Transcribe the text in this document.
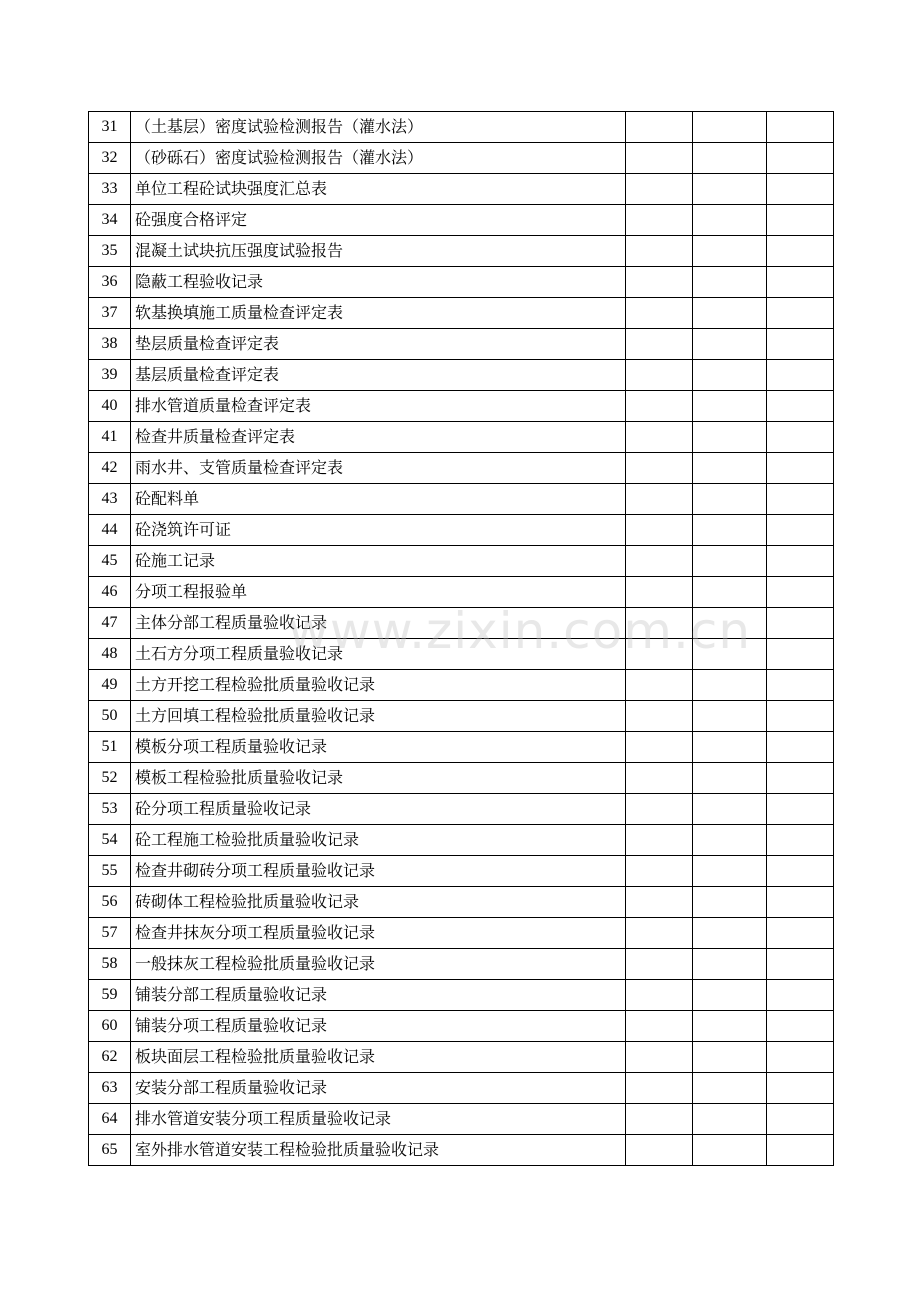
31	（土基层）密度试验检测报告（灌水法）			
32	（砂砾石）密度试验检测报告（灌水法）			
33	单位工程砼试块强度汇总表			
34	砼强度合格评定			
35	混凝土试块抗压强度试验报告			
36	隐蔽工程验收记录			
37	软基换填施工质量检查评定表			
38	垫层质量检查评定表			
39	基层质量检查评定表			
40	排水管道质量检查评定表			
41	检查井质量检查评定表			
42	雨水井、支管质量检查评定表			
43	砼配料单			
44	砼浇筑许可证			
45	砼施工记录			
46	分项工程报验单			
47	主体分部工程质量验收记录			
48	土石方分项工程质量验收记录			
49	土方开挖工程检验批质量验收记录			
50	土方回填工程检验批质量验收记录			
51	模板分项工程质量验收记录			
52	模板工程检验批质量验收记录			
53	砼分项工程质量验收记录			
54	砼工程施工检验批质量验收记录			
55	检查井砌砖分项工程质量验收记录			
56	砖砌体工程检验批质量验收记录			
57	检查井抹灰分项工程质量验收记录			
58	一般抹灰工程检验批质量验收记录			
59	铺装分部工程质量验收记录			
60	铺装分项工程质量验收记录			
62	板块面层工程检验批质量验收记录			
63	安装分部工程质量验收记录			
64	排水管道安装分项工程质量验收记录			
65	室外排水管道安装工程检验批质量验收记录			
www.zixin.com.cn
